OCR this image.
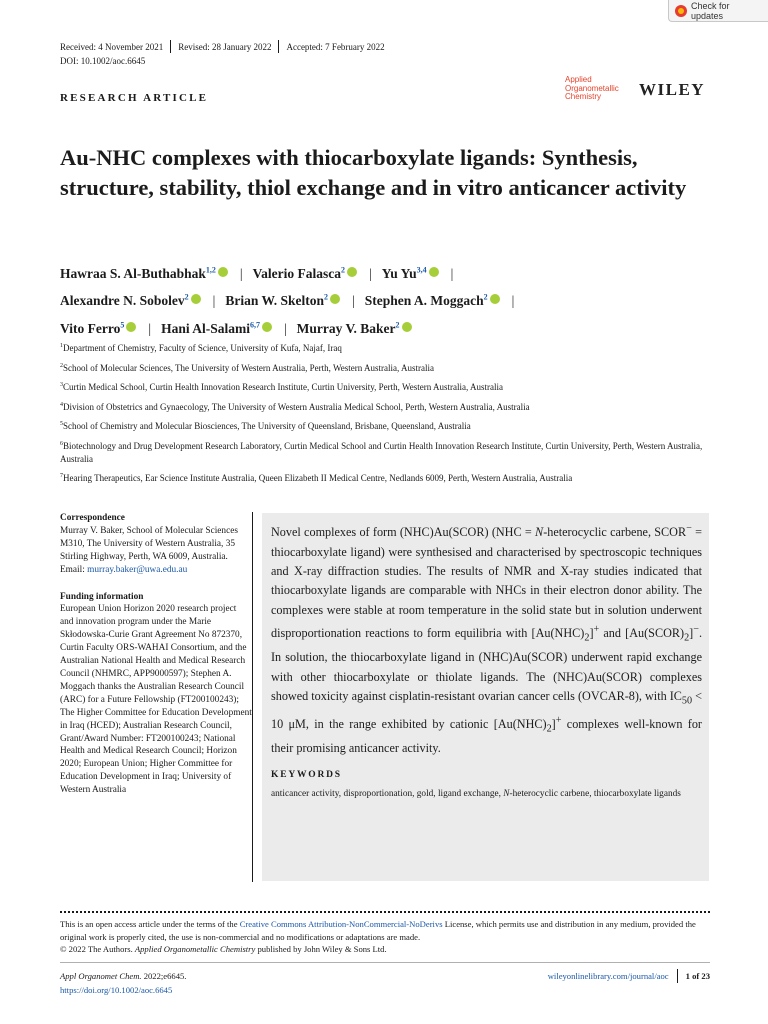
Check for updates
Received: 4 November 2021 Revised: 28 January 2022 Accepted: 7 February 2022
DOI: 10.1002/aoc.6645
RESEARCH ARTICLE
Applied
Organometallic
Chemistry	WILEY
Au-NHC complexes with thiocarboxylate ligands: Synthesis, structure, stability, thiol exchange and in vitro anticancer activity
Hawraa S. Al-Buthabhak$^{1,2}$ iD | Valerio Falasca$^2$ iD | Yu Yu$^{3,4}$ iD |
Alexandre N. Sobolev$^2$ iD | Brian W. Skelton$^2$ iD | Stephen A. Moggach$^2$ iD |
Vito Ferro$^5$ iD | Hani Al-Salami$^{6,7}$ iD | Murray V. Baker$^2$iD
$^1$Department of Chemistry, Faculty of Science, University of Kufa, Najaf, Iraq
$^2$School of Molecular Sciences, The University of Western Australia, Perth, Western Australia, Australia
$^3$Curtin Medical School, Curtin Health Innovation Research Institute, Curtin University, Perth, Western Australia, Australia
$^4$Division of Obstetrics and Gynaecology, The University of Western Australia Medical School, Perth, Western Australia, Australia
$^5$School of Chemistry and Molecular Biosciences, The University of Queensland, Brisbane, Queensland, Australia
$^6$Biotechnology and Drug Development Research Laboratory, Curtin Medical School and Curtin Health Innovation Research Institute, Curtin University, Perth, Western Australia, Australia
$^7$Hearing Therapeutics, Ear Science Institute Australia, Queen Elizabeth II Medical Centre, Nedlands 6009, Perth, Western Australia, Australia
Correspondence
Murray V. Baker, School of Molecular Sciences M310, The University of Western Australia, 35 Stirling Highway, Perth, WA 6009, Australia.
Email: murray.baker@uwa.edu.au
Funding information
European Union Horizon 2020 research project and innovation program under the Marie Skłodowska-Curie Grant Agreement No 872370, Curtin Faculty ORS-WAHAI Consortium, and the Australian National Health and Medical Research Council (NHMRC, APP9000597); Stephen A. Moggach thanks the Australian Research Council (ARC) for a Future Fellowship (FT200100243); The Higher Committee for Education Development in Iraq (HCED); Australian Research Council, Grant/Award Number: FT200100243; National Health and Medical Research Council; Horizon 2020; European Union; Higher Committee for Education Development in Iraq; University of Western Australia
Novel complexes of form (NHC)Au(SCOR) (NHC = N-heterocyclic carbene, SCOR− = thiocarboxylate ligand) were synthesised and characterised by spectroscopic techniques and X-ray diffraction studies. The results of NMR and X-ray studies indicated that thiocarboxylate ligands are comparable with NHCs in their electron donor ability. The complexes were stable at room temperature in the solid state but in solution underwent disproportionation reactions to form equilibria with $[Au(NHC)_2]^+$ and $[Au(SCOR)_2]^-$. In solution, the thiocarboxylate ligand in (NHC)Au(SCOR) underwent rapid exchange with other thiocarboxylate or thiolate ligands. The (NHC)Au(SCOR) complexes showed toxicity against cisplatin-resistant ovarian cancer cells (OVCAR-8), with $IC_{50} < 10$ μM, in the range exhibited by cationic $[Au(NHC)_2]^+$ complexes well-known for their promising anticancer activity.
KEYWORDS
anticancer activity, disproportionation, gold, ligand exchange, N-heterocyclic carbene, thiocarboxylate ligands
This is an open access article under the terms of the Creative Commons Attribution-NonCommercial-NoDerivs License, which permits use and distribution in any medium, provided the original work is properly cited, the use is non-commercial and no modifications or adaptations are made.
© 2022 The Authors. Applied Organometallic Chemistry published by John Wiley & Sons Ltd.
Appl Organomet Chem. 2022;e6645.
https://doi.org/10.1002/aoc.6645
wileyonlinelibrary.com/journal/aoc 1 of 23
